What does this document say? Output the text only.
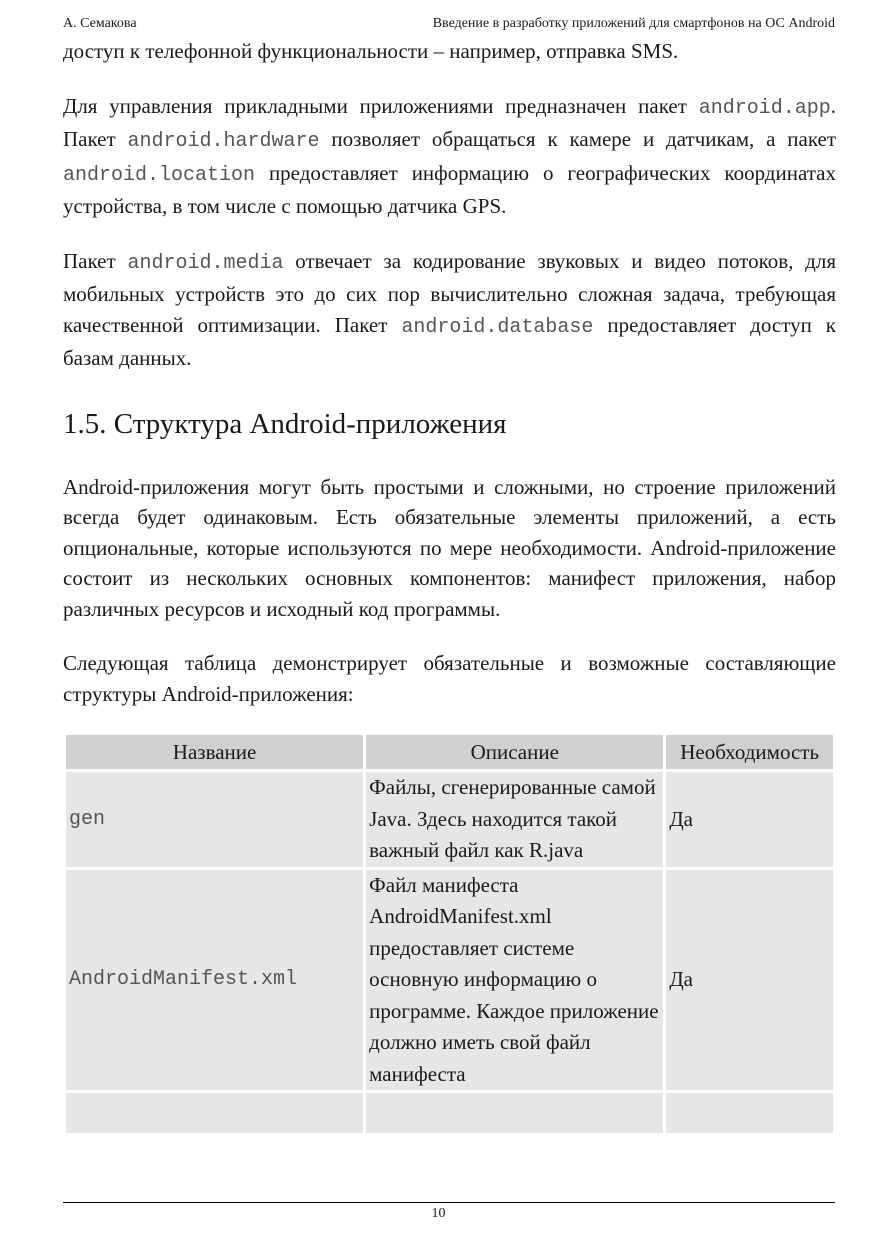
А. Семакова	Введение в разработку приложений для смартфонов на ОС Android

доступ к телефонной функциональности – например, отправка SMS.

Для управления прикладными приложениями предназначен пакет android.app. Пакет android.hardware позволяет обращаться к камере и датчикам, а пакет android.location предоставляет информацию о географических координатах устройства, в том числе с помощью датчика GPS.

Пакет android.media отвечает за кодирование звуковых и видео потоков, для мобильных устройств это до сих пор вычислительно сложная задача, требующая качественной оптимизации. Пакет android.database предоставляет доступ к базам данных.

1.5. Структура Android-приложения

Android-приложения могут быть простыми и сложными, но строение приложений всегда будет одинаковым. Есть обязательные элементы приложений, а есть опциональные, которые используются по мере необходимости. Android-приложение состоит из нескольких основных компонентов: манифест приложения, набор различных ресурсов и исходный код программы.

Следующая таблица демонстрирует обязательные и возможные составляющие структуры Android-приложения:

Название	Описание	Необходимость
gen	Файлы, сгенерированные самой Java. Здесь находится такой важный файл как R.java	Да
AndroidManifest.xml	Файл манифеста AndroidManifest.xml предоставляет системе основную информацию о программе. Каждое приложение должно иметь свой файл манифеста	Да

10
